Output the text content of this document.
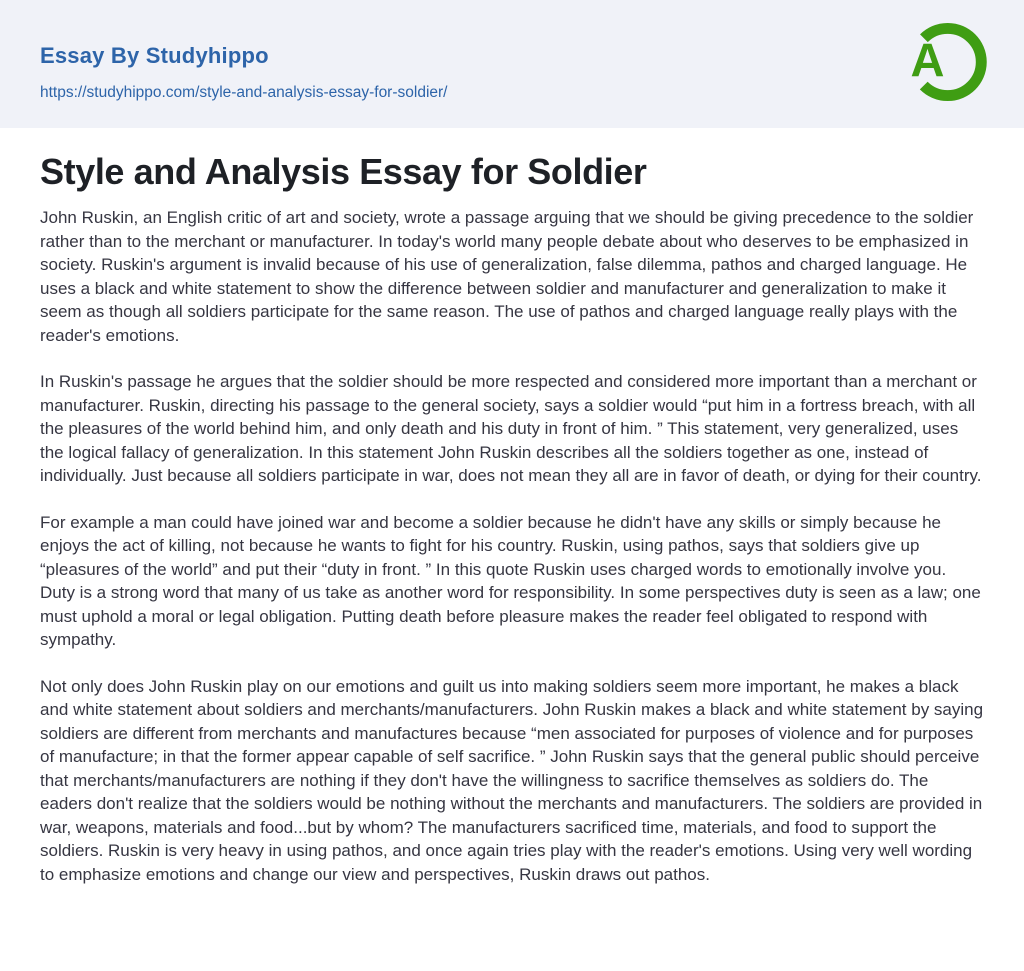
Essay By Studyhippo
https://studyhippo.com/style-and-analysis-essay-for-soldier/
A
Style and Analysis Essay for Soldier

John Ruskin, an English critic of art and society, wrote a passage arguing that we should be giving precedence to the soldier rather than to the merchant or manufacturer. In today's world many people debate about who deserves to be emphasized in society. Ruskin's argument is invalid because of his use of generalization, false dilemma, pathos and charged language. He uses a black and white statement to show the difference between soldier and manufacturer and generalization to make it seem as though all soldiers participate for the same reason. The use of pathos and charged language really plays with the reader's emotions.

In Ruskin's passage he argues that the soldier should be more respected and considered more important than a merchant or manufacturer. Ruskin, directing his passage to the general society, says a soldier would “put him in a fortress breach, with all the pleasures of the world behind him, and only death and his duty in front of him. ” This statement, very generalized, uses the logical fallacy of generalization. In this statement John Ruskin describes all the soldiers together as one, instead of individually. Just because all soldiers participate in war, does not mean they all are in favor of death, or dying for their country.

For example a man could have joined war and become a soldier because he didn't have any skills or simply because he enjoys the act of killing, not because he wants to fight for his country. Ruskin, using pathos, says that soldiers give up “pleasures of the world” and put their “duty in front. ” In this quote Ruskin uses charged words to emotionally involve you. Duty is a strong word that many of us take as another word for responsibility. In some perspectives duty is seen as a law; one must uphold a moral or legal obligation. Putting death before pleasure makes the reader feel obligated to respond with sympathy.

Not only does John Ruskin play on our emotions and guilt us into making soldiers seem more important, he makes a black and white statement about soldiers and merchants/manufacturers. John Ruskin makes a black and white statement by saying soldiers are different from merchants and manufactures because “men associated for purposes of violence and for purposes of manufacture; in that the former appear capable of self sacrifice. ” John Ruskin says that the general public should perceive that merchants/manufacturers are nothing if they don't have the willingness to sacrifice themselves as soldiers do. The eaders don't realize that the soldiers would be nothing without the merchants and manufacturers. The soldiers are provided in war, weapons, materials and food...but by whom? The manufacturers sacrificed time, materials, and food to support the soldiers. Ruskin is very heavy in using pathos, and once again tries play with the reader's emotions. Using very well wording to emphasize emotions and change our view and perspectives, Ruskin draws out pathos.
